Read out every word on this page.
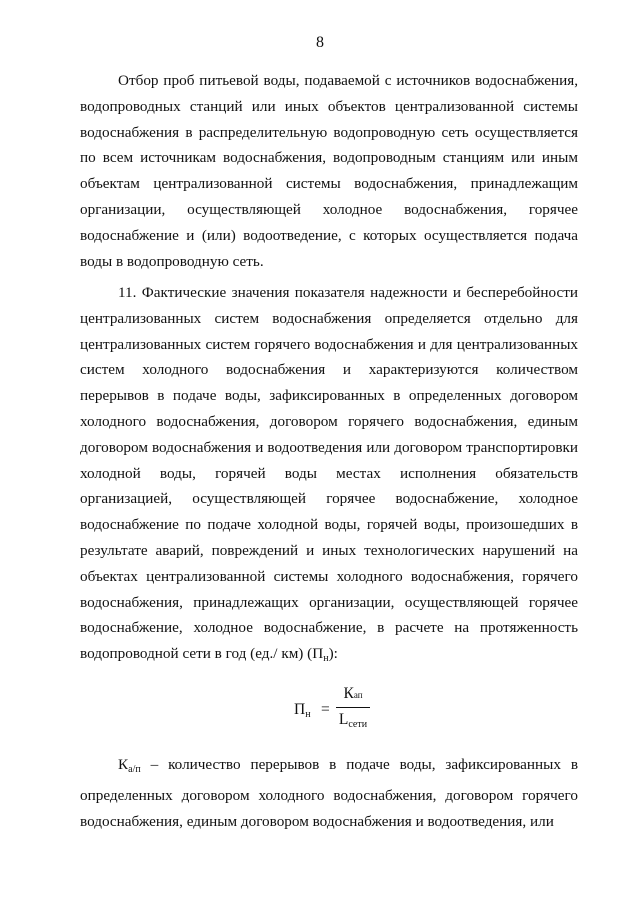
8

Отбор проб питьевой воды, подаваемой с источников водоснабжения, водопроводных станций или иных объектов централизованной системы водоснабжения в распределительную водопроводную сеть осуществляется по всем источникам водоснабжения, водопроводным станциям или иным объектам централизованной системы водоснабжения, принадлежащим организации, осуществляющей холодное водоснабжения, горячее водоснабжение и (или) водоотведение, с которых осуществляется подача воды в водопроводную сеть.

11. Фактические значения показателя надежности и бесперебойности централизованных систем водоснабжения определяется отдельно для централизованных систем горячего водоснабжения и для централизованных систем холодного водоснабжения и характеризуются количеством перерывов в подаче воды, зафиксированных в определенных договором холодного водоснабжения, договором горячего водоснабжения, единым договором водоснабжения и водоотведения или договором транспортировки холодной воды, горячей воды местах исполнения обязательств организацией, осуществляющей горячее водоснабжение, холодное водоснабжение по подаче холодной воды, горячей воды, произошедших в результате аварий, повреждений и иных технологических нарушений на объектах централизованной системы холодного водоснабжения, горячего водоснабжения, принадлежащих организации, осуществляющей горячее водоснабжение, холодное водоснабжение, в расчете на протяженность водопроводной сети в год (ед./ км) $(П_н)$:

$П_н$ =
Кап
$L_{сети}$

$К_{а/п}$ – количество перерывов в подаче воды, зафиксированных в определенных договором холодного водоснабжения, договором горячего водоснабжения, единым договором водоснабжения и водоотведения, или
